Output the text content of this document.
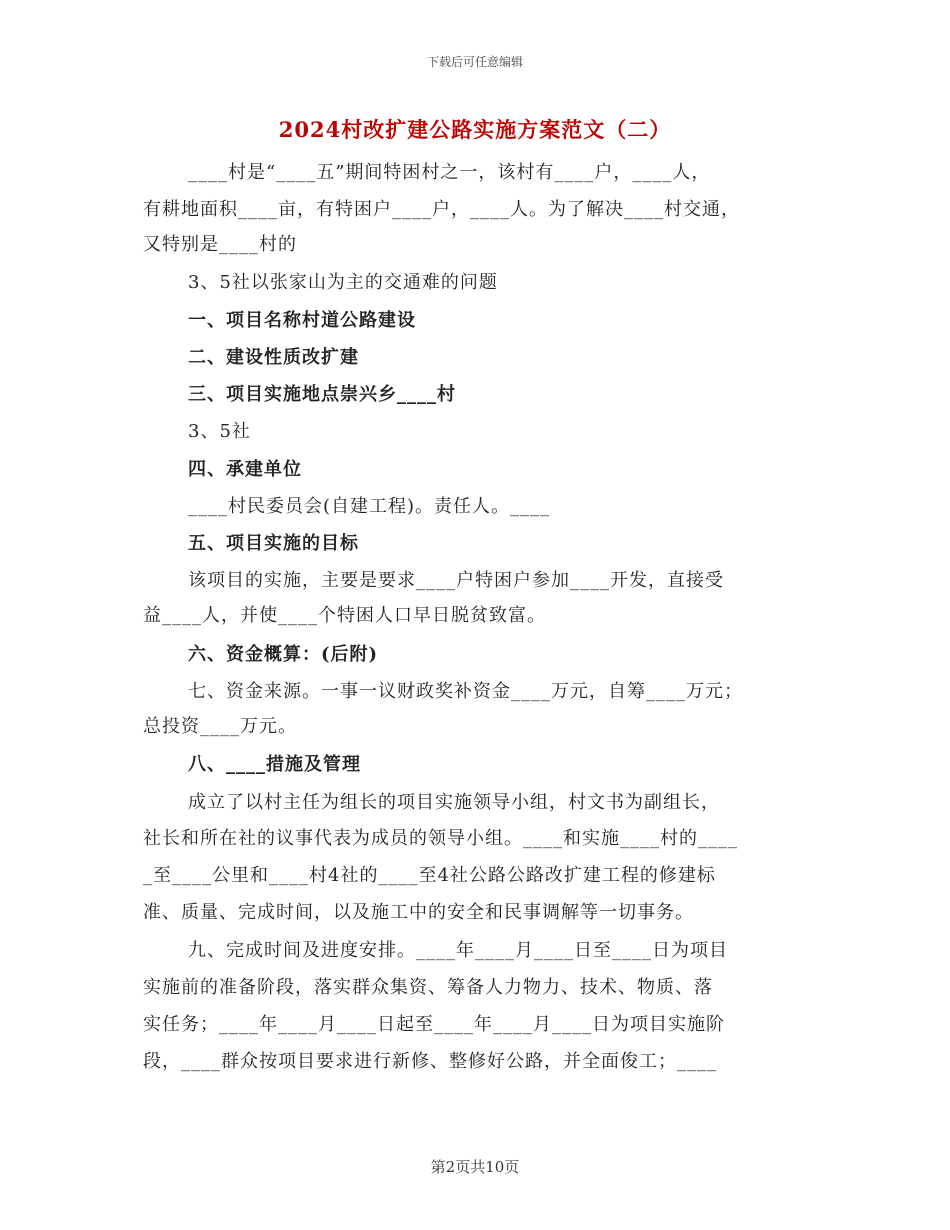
下载后可任意编辑
2024村改扩建公路实施方案范文（二）
____村是“____五”期间特困村之一，该村有____户，____人，
有耕地面积____亩，有特困户____户，____人。为了解决____村交通，
又特别是____村的
3、5社以张家山为主的交通难的问题
一、项目名称村道公路建设
二、建设性质改扩建
三、项目实施地点崇兴乡____村
3、5社
四、承建单位
____村民委员会(自建工程)。责任人。____
五、项目实施的目标
该项目的实施，主要是要求____户特困户参加____开发，直接受
益____人，并使____个特困人口早日脱贫致富。
六、资金概算：(后附)
七、资金来源。一事一议财政奖补资金____万元，自筹____万元；
总投资____万元。
八、____措施及管理
成立了以村主任为组长的项目实施领导小组，村文书为副组长，
社长和所在社的议事代表为成员的领导小组。____和实施____村的____
_至____公里和____村4社的____至4社公路公路改扩建工程的修建标
准、质量、完成时间，以及施工中的安全和民事调解等一切事务。
九、完成时间及进度安排。____年____月____日至____日为项目
实施前的准备阶段，落实群众集资、筹备人力物力、技术、物质、落
实任务；____年____月____日起至____年____月____日为项目实施阶
段，____群众按项目要求进行新修、整修好公路，并全面俊工；____
第2页共10页
